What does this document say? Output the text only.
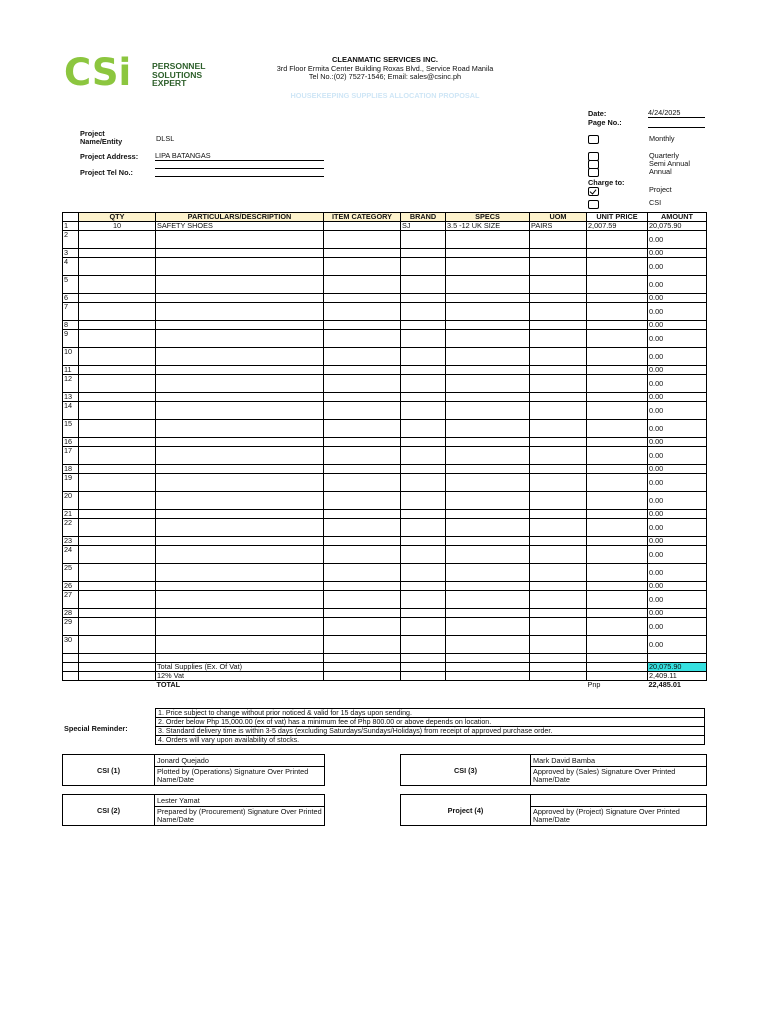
CSi PERSONNEL
SOLUTIONS
EXPERT
CLEANMATIC SERVICES INC.
3rd Floor Ermita Center Building Roxas Blvd., Service Road Manila
Tel No.:(02) 7527-1546; Email: sales@csinc.ph
HOUSEKEEPING SUPPLIES ALLOCATION PROPOSAL
Project
Name/Entity	DLSL
Project Address: LIPA BATANGAS
Project Tel No.:
Date:	4/24/2025
Page No.:
Monthly
Quarterly
Semi Annual
Annual
Charge to:
Project
CSI
	QTY	PARTICULARS/DESCRIPTION	ITEM CATEGORY	BRAND	SPECS	UOM	UNIT PRICE	AMOUNT
1	10	SAFETY SHOES		SJ	3.5 -12 UK SIZE	PAIRS	2,007.59	20,075.90
2								0.00
3								0.00
4								0.00
5								0.00
6								0.00
7								0.00
8								0.00
9								0.00
10								0.00
11								0.00
12								0.00
13								0.00
14								0.00
15								0.00
16								0.00
17								0.00
18								0.00
19								0.00
20								0.00
21								0.00
22								0.00
23								0.00
24								0.00
25								0.00
26								0.00
27								0.00
28								0.00
29								0.00
30								0.00

		Total Supplies (Ex. Of Vat)						20,075.90
		12% Vat						2,409.11
		TOTAL					Pnp	22,485.01
Special Reminder:
1. Price subject to change without prior noticed & valid for 15 days upon sending.
2. Order below Php 15,000.00 (ex of vat) has a minimum fee of Php 800.00 or above depends on location.
3. Standard delivery time is within 3-5 days (excluding Saturdays/Sundays/Holidays) from receipt of approved purchase order.
4. Orders will vary upon availability of stocks.
CSI (1)
Jonard Quejado
Plotted by (Operations) Signature Over Printed Name/Date
CSI (3)
Mark David Bamba
Approved by (Sales) Signature Over Printed Name/Date
CSI (2)
Lester Yamat
Prepared by (Procurement) Signature Over Printed Name/Date
Project (4)	Approved by (Project) Signature Over Printed Name/Date
